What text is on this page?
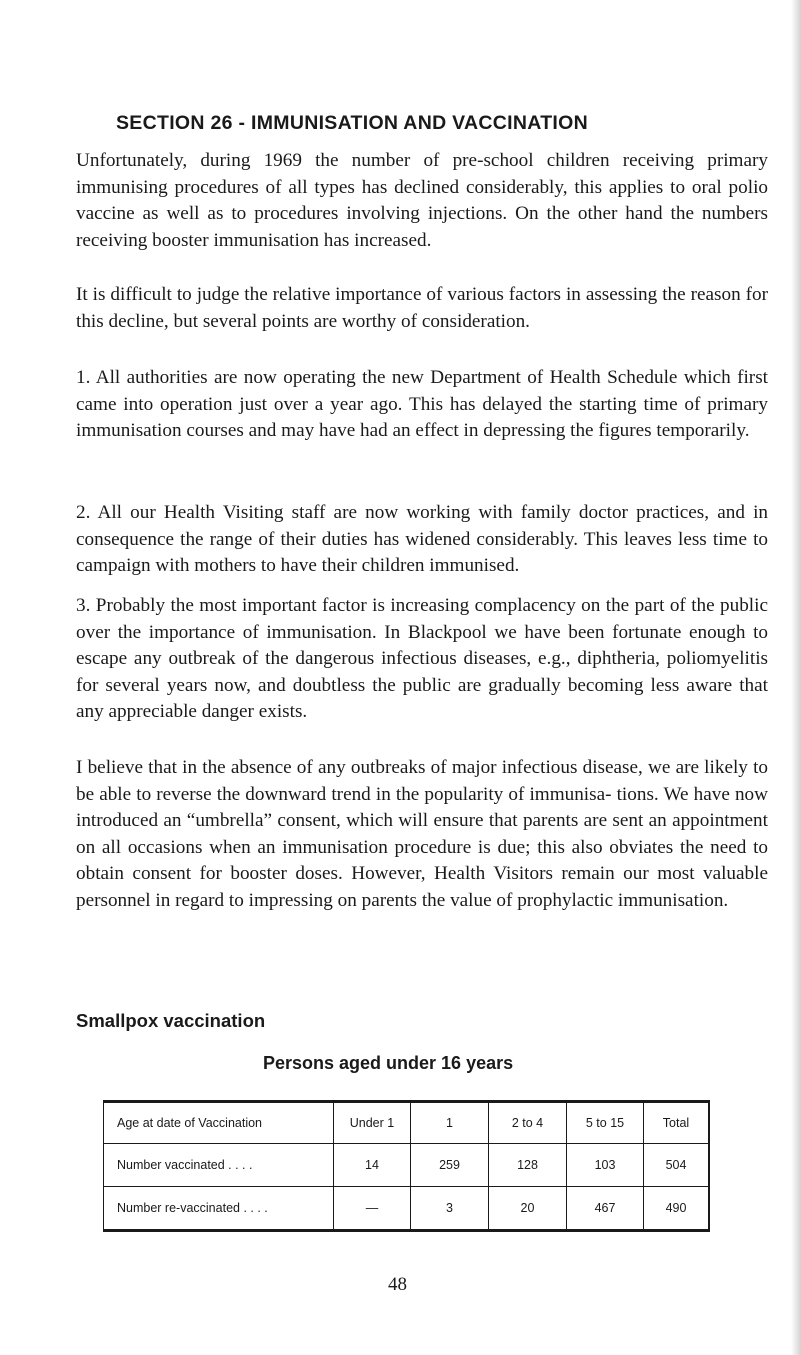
SECTION 26 - IMMUNISATION AND VACCINATION

Unfortunately, during 1969 the number of pre-school children receiving primary immunising procedures of all types has declined considerably, this applies to oral polio vaccine as well as to procedures involving injections. On the other hand the numbers receiving booster immunisation has increased.

It is difficult to judge the relative importance of various factors in assessing the reason for this decline, but several points are worthy of consideration.

1. All authorities are now operating the new Department of Health Schedule which first came into operation just over a year ago. This has delayed the starting time of primary immunisation courses and may have had an effect in depressing the figures temporarily.

2. All our Health Visiting staff are now working with family doctor practices, and in consequence the range of their duties has widened considerably. This leaves less time to campaign with mothers to have their children immunised.

3. Probably the most important factor is increasing complacency on the part of the public over the importance of immunisation. In Blackpool we have been fortunate enough to escape any outbreak of the dangerous infectious diseases, e.g., diphtheria, poliomyelitis for several years now, and doubtless the public are gradually becoming less aware that any appreciable danger exists.

I believe that in the absence of any outbreaks of major infectious disease, we are likely to be able to reverse the downward trend in the popularity of immunisa- tions. We have now introduced an “umbrella” consent, which will ensure that parents are sent an appointment on all occasions when an immunisation procedure is due; this also obviates the need to obtain consent for booster doses. However, Health Visitors remain our most valuable personnel in regard to impressing on parents the value of prophylactic immunisation.

Smallpox vaccination
Persons aged under 16 years
Age at date of Vaccination	Under 1	1	2 to 4	5 to 15	Total
Number vaccinated . . . .	14	259	128	103	504
Number re-vaccinated . . . .	—	3	20	467	490

48
